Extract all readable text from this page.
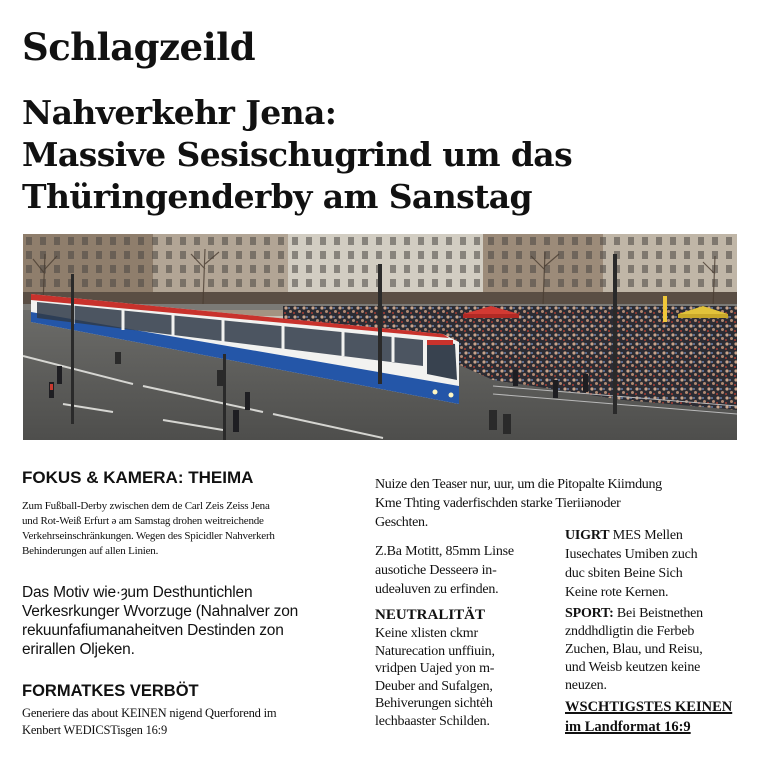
Schlagzeild
Nahverkehr Jena:
Massive Sesischugrind um das
Thüringenderby am Sanstag
FOKUS & KAMERA: THEIMA
Zum Fußball-Derby zwischen dem de Carl Zeis Zeiss Jena
und Rot-Weiß Erfurt ә am Samstag drohen weitreichende
Verkehrseinschränkungen. Wegen des Spicidler Nahverkerh
Behinderungen auf allen Linien.
Das Motiv wie·ȝum Desthuntichlen
Verkesrkunger Wvorzuge (Nahnalver zon
rekuunfafiumanaheitven Destinden zon
erirallen Oljeken.
FORMATKES VERBÖT
Generiere das about KEINEN nigend Querforend im
Kenbert WEDICSTisgen 16:9
Nuize den Teaser nur, uur, um die Pitopalte Kiimdung
Kme Thting vaderfischden starke Tieriiǝnoder
Geschten.
Z.Ba Motitt, 85mm Linse
ausotiche Desseerǝ in-
udeǝluven zu erfinden.
NEUTRALITÄT
Keine xlisten ckmr
Naturecation unffiuin,
vridpen Uajed yon m-
Deuber and Sufalgen,
Behiverungen sichtėh
lechbaaster Schilden.
UIGRT MES Mellen
Iusechates Umiben zuch
duc sbiten Beine Sich
Keine rote Kernen.
SPORT: Bei Beistnethen
znddhdligtin die Ferbeb
Zuchen, Blau, und Reisu,
und Weisb keutzen keine
neuzen.
WSCHTIGSTES KEINEN
im Landformat 16:9
